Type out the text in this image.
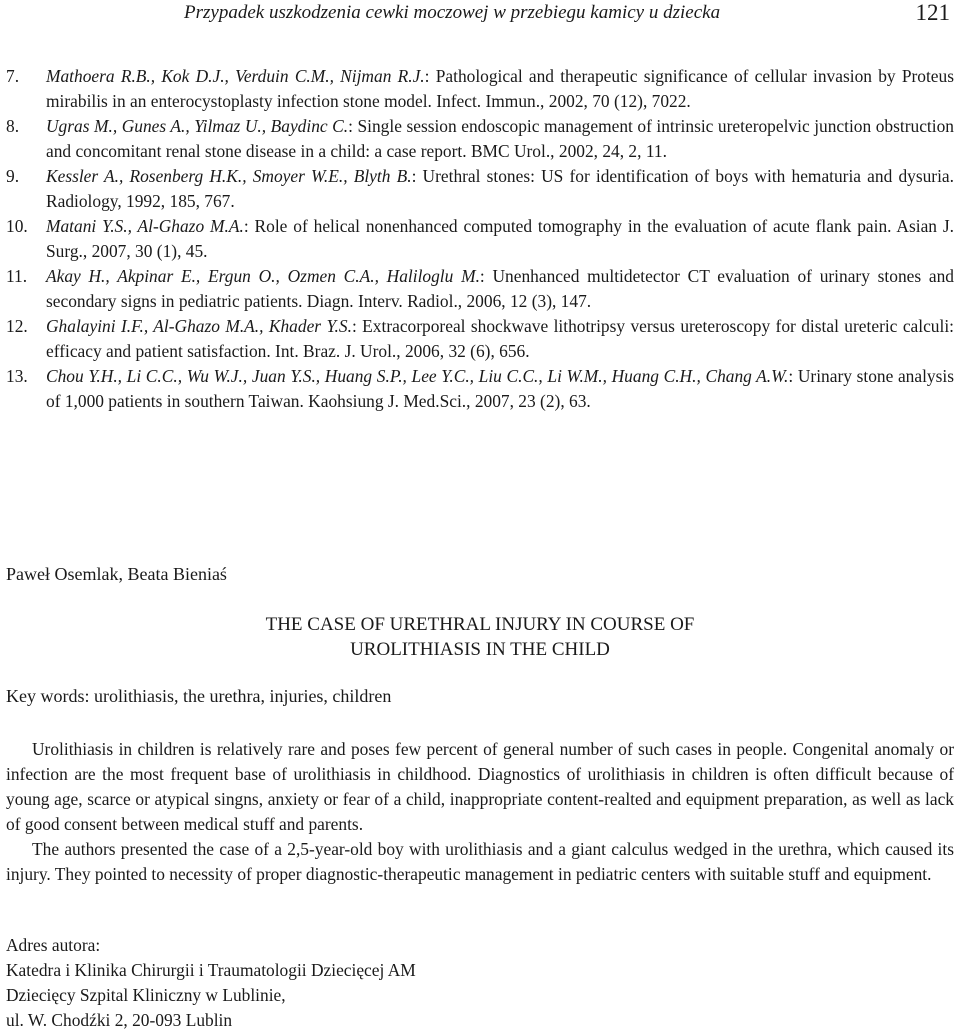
Przypadek uszkodzenia cewki moczowej w przebiegu kamicy u dziecka	121
7.	Mathoera R.B., Kok D.J., Verduin C.M., Nijman R.J.: Pathological and therapeutic significance of cellular invasion by Proteus mirabilis in an enterocystoplasty infection stone model. Infect. Immun., 2002, 70 (12), 7022.
8.	Ugras M., Gunes A., Yilmaz U., Baydinc C.: Single session endoscopic management of intrinsic ureteropelvic junction obstruction and concomitant renal stone disease in a child: a case report. BMC Urol., 2002, 24, 2, 11.
9.	Kessler A., Rosenberg H.K., Smoyer W.E., Blyth B.: Urethral stones: US for identification of boys with hematuria and dysuria. Radiology, 1992, 185, 767.
10.	Matani Y.S., Al-Ghazo M.A.: Role of helical nonenhanced computed tomography in the evaluation of acute flank pain. Asian J. Surg., 2007, 30 (1), 45.
11.	Akay H., Akpinar E., Ergun O., Ozmen C.A., Haliloglu M.: Unenhanced multidetector CT evaluation of urinary stones and secondary signs in pediatric patients. Diagn. Interv. Radiol., 2006, 12 (3), 147.
12.	Ghalayini I.F., Al-Ghazo M.A., Khader Y.S.: Extracorporeal shockwave lithotripsy versus ureteroscopy for distal ureteric calculi: efficacy and patient satisfaction. Int. Braz. J. Urol., 2006, 32 (6), 656.
13.	Chou Y.H., Li C.C., Wu W.J., Juan Y.S., Huang S.P., Lee Y.C., Liu C.C., Li W.M., Huang C.H., Chang A.W.: Urinary stone analysis of 1,000 patients in southern Taiwan. Kaohsiung J. Med.Sci., 2007, 23 (2), 63.
Paweł Osemlak, Beata Bieniaś
THE CASE OF URETHRAL INJURY IN COURSE OF
UROLITHIASIS IN THE CHILD
Key words: urolithiasis, the urethra, injuries, children

Urolithiasis in children is relatively rare and poses few percent of general number of such cases in people. Congenital anomaly or infection are the most frequent base of urolithiasis in childhood. Diagnostics of urolithiasis in children is often difficult because of young age, scarce or atypical singns, anxiety or fear of a child, inappropriate content-realted and equipment preparation, as well as lack of good consent between medical stuff and parents.

The authors presented the case of a 2,5-year-old boy with urolithiasis and a giant calculus wedged in the urethra, which caused its injury. They pointed to necessity of proper diagnostic-therapeutic management in pediatric centers with suitable stuff and equipment.

Adres autora:
Katedra i Klinika Chirurgii i Traumatologii Dziecięcej AM
Dziecięcy Szpital Kliniczny w Lublinie,
ul. W. Chodźki 2, 20-093 Lublin
